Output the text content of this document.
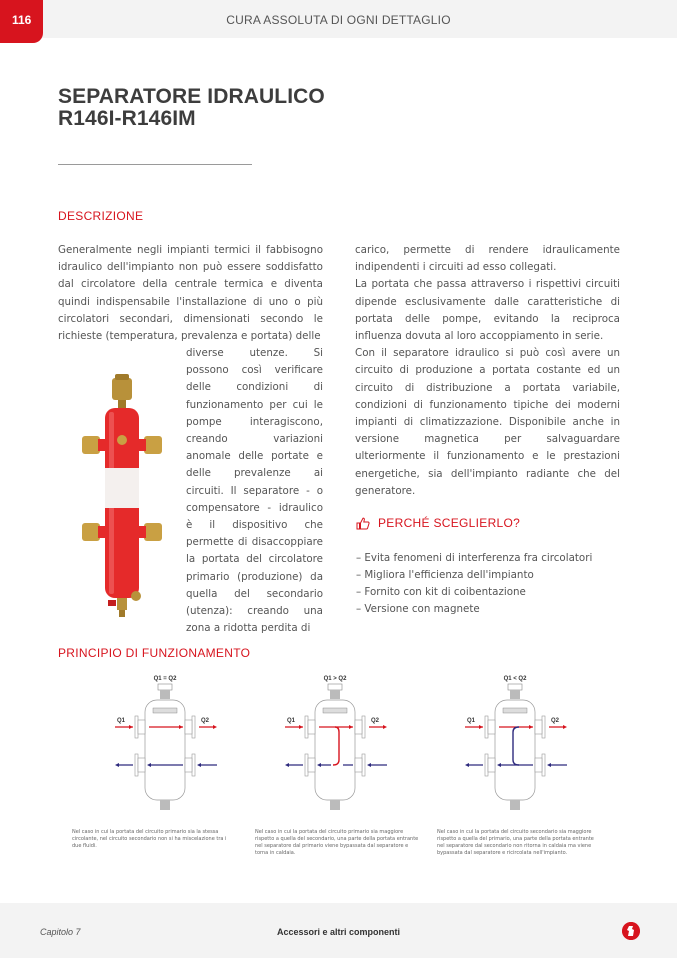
CURA ASSOLUTA DI OGNI DETTAGLIO
116
SEPARATORE IDRAULICO
R146I-R146IM
DESCRIZIONE

Generalmente negli impianti termici il fabbisogno idraulico dell'impianto non può essere soddisfatto dal circolatore della centrale termica e diventa quindi indispensabile l'installazione di uno o più circolatori secondari, dimensionati secondo le richieste (temperatura, prevalenza e portata) delle

diverse utenze. Si possono così verificare delle condizioni di funzionamento per cui le pompe interagiscono, creando variazioni anomale delle portate e delle prevalenze ai circuiti. Il separatore - o compensatore - idraulico è il dispositivo che permette di disaccoppiare la portata del circolatore primario (produzione) da quella del secondario (utenza): creando una zona a ridotta perdita di

carico, permette di rendere idraulicamente indipendenti i circuiti ad esso collegati.

La portata che passa attraverso i rispettivi circuiti dipende esclusivamente dalle caratteristiche di portata delle pompe, evitando la reciproca influenza dovuta al loro accoppiamento in serie.

Con il separatore idraulico si può così avere un circuito di produzione a portata costante ed un circuito di distribuzione a portata variabile, condizioni di funzionamento tipiche dei moderni impianti di climatizzazione. Disponibile anche in versione magnetica per salvaguardare ulteriormente il funzionamento e le prestazioni energetiche, sia dell'impianto radiante che del generatore.

PERCHÉ SCEGLIERLO?
– Evita fenomeni di interferenza fra circolatori
– Migliora l'efficienza dell'impianto
– Fornito con kit di coibentazione
– Versione con magnete
PRINCIPIO DI FUNZIONAMENTO
Q1 = Q2
Q1	Q2
Nel caso in cui la portata del circuito primario sia la stessa circolante, nel circuito secondario non si ha miscelazione tra i due fluidi.
Q1 > Q2
Q1	Q2
Nel caso in cui la portata del circuito primario sia maggiore rispetto a quella del secondario, una parte della portata entrante nel separatore dal primario viene bypassata dal separatore e torna in caldaia.
Q1 < Q2
Q1	Q2
Nel caso in cui la portata del circuito secondario sia maggiore rispetto a quella del primario, una parte della portata entrante nel separatore dal secondario non ritorna in caldaia ma viene bypassata dal separatore e ricircolata nell'impianto.
Capitolo 7	Accessori e altri componenti
